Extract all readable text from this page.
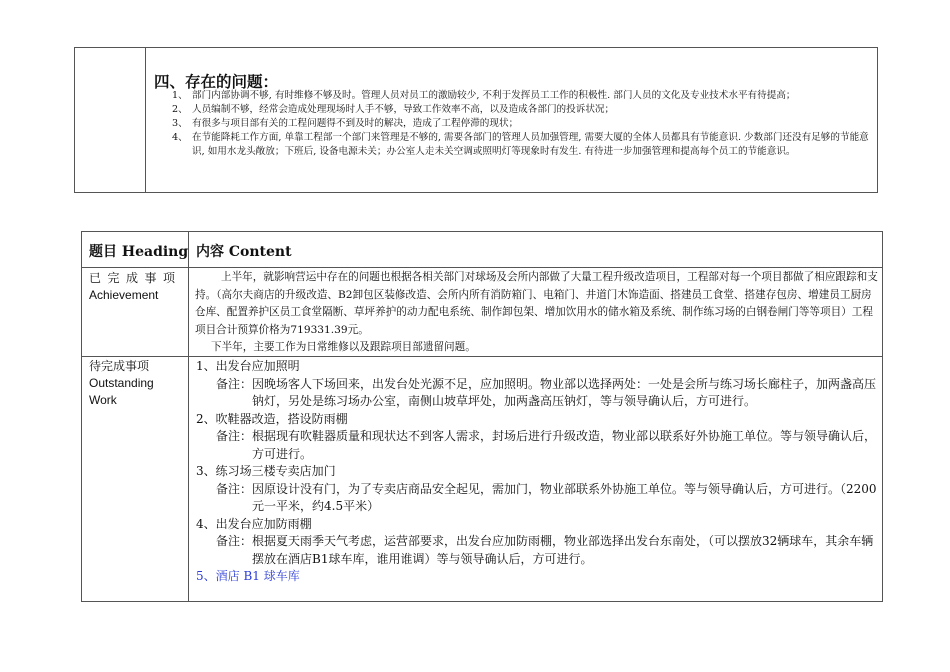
四、存在的问题：
1、 部门内部协调不够, 有时维修不够及时。管理人员对员工的激励较少, 不利于发挥员工工作的积极性. 部门人员的文化及专业技术水平有待提高；
2、 人员编制不够，经常会造成处理现场时人手不够，导致工作效率不高，以及造成各部门的投诉状况；
3、 有很多与项目部有关的工程问题得不到及时的解决，造成了工程停滞的现状；
4、 在节能降耗工作方面, 单靠工程部一个部门来管理是不够的, 需要各部门的管理人员加强管理, 需要大厦的全体人员都具有节能意识. 少数部门还没有足够的节能意识, 如用水龙头敞放；下班后, 设备电源未关；办公室人走未关空调或照明灯等现象时有发生. 有待进一步加强管理和提高每个员工的节能意识。
题目 Heading 内容 Content
已完成事项
Achievement

上半年，就影响营运中存在的问题也根据各相关部门对球场及会所内部做了大量工程升级改造项目，工程部对每一个项目都做了相应跟踪和支持。（高尔夫商店的升级改造、B2卸包区装修改造、会所内所有消防箱门、电箱门、井道门木饰造面、搭建员工食堂、搭建存包房、增建员工厨房仓库、配置养护区员工食堂隔断、草坪养护的动力配电系统、制作卸包架、增加饮用水的储水箱及系统、制作练习场的白钢卷闸门等等项目）工程项目合计预算价格为719331.39元。

下半年，主要工作为日常维修以及跟踪项目部遗留问题。

待完成事项
Outstanding
Work

1、出发台应加照明

备注：因晚场客人下场回来，出发台处光源不足，应加照明。物业部以选择两处：一处是会所与练习场长廊柱子，加两盏高压钠灯，另处是练习场办公室，南侧山坡草坪处，加两盏高压钠灯，等与领导确认后，方可进行。

2、吹鞋器改造，搭设防雨棚

备注：根据现有吹鞋器质量和现状达不到客人需求，封场后进行升级改造，物业部以联系好外协施工单位。等与领导确认后，方可进行。

3、练习场三楼专卖店加门

备注：因原设计没有门，为了专卖店商品安全起见，需加门，物业部联系外协施工单位。等与领导确认后，方可进行。（2200元一平米，约4.5平米）

4、出发台应加防雨棚

备注：根据夏天雨季天气考虑，运营部要求，出发台应加防雨棚，物业部选择出发台东南处，（可以摆放32辆球车，其余车辆摆放在酒店B1球车库，谁用谁调）等与领导确认后，方可进行。

5、酒店 B1 球车库
